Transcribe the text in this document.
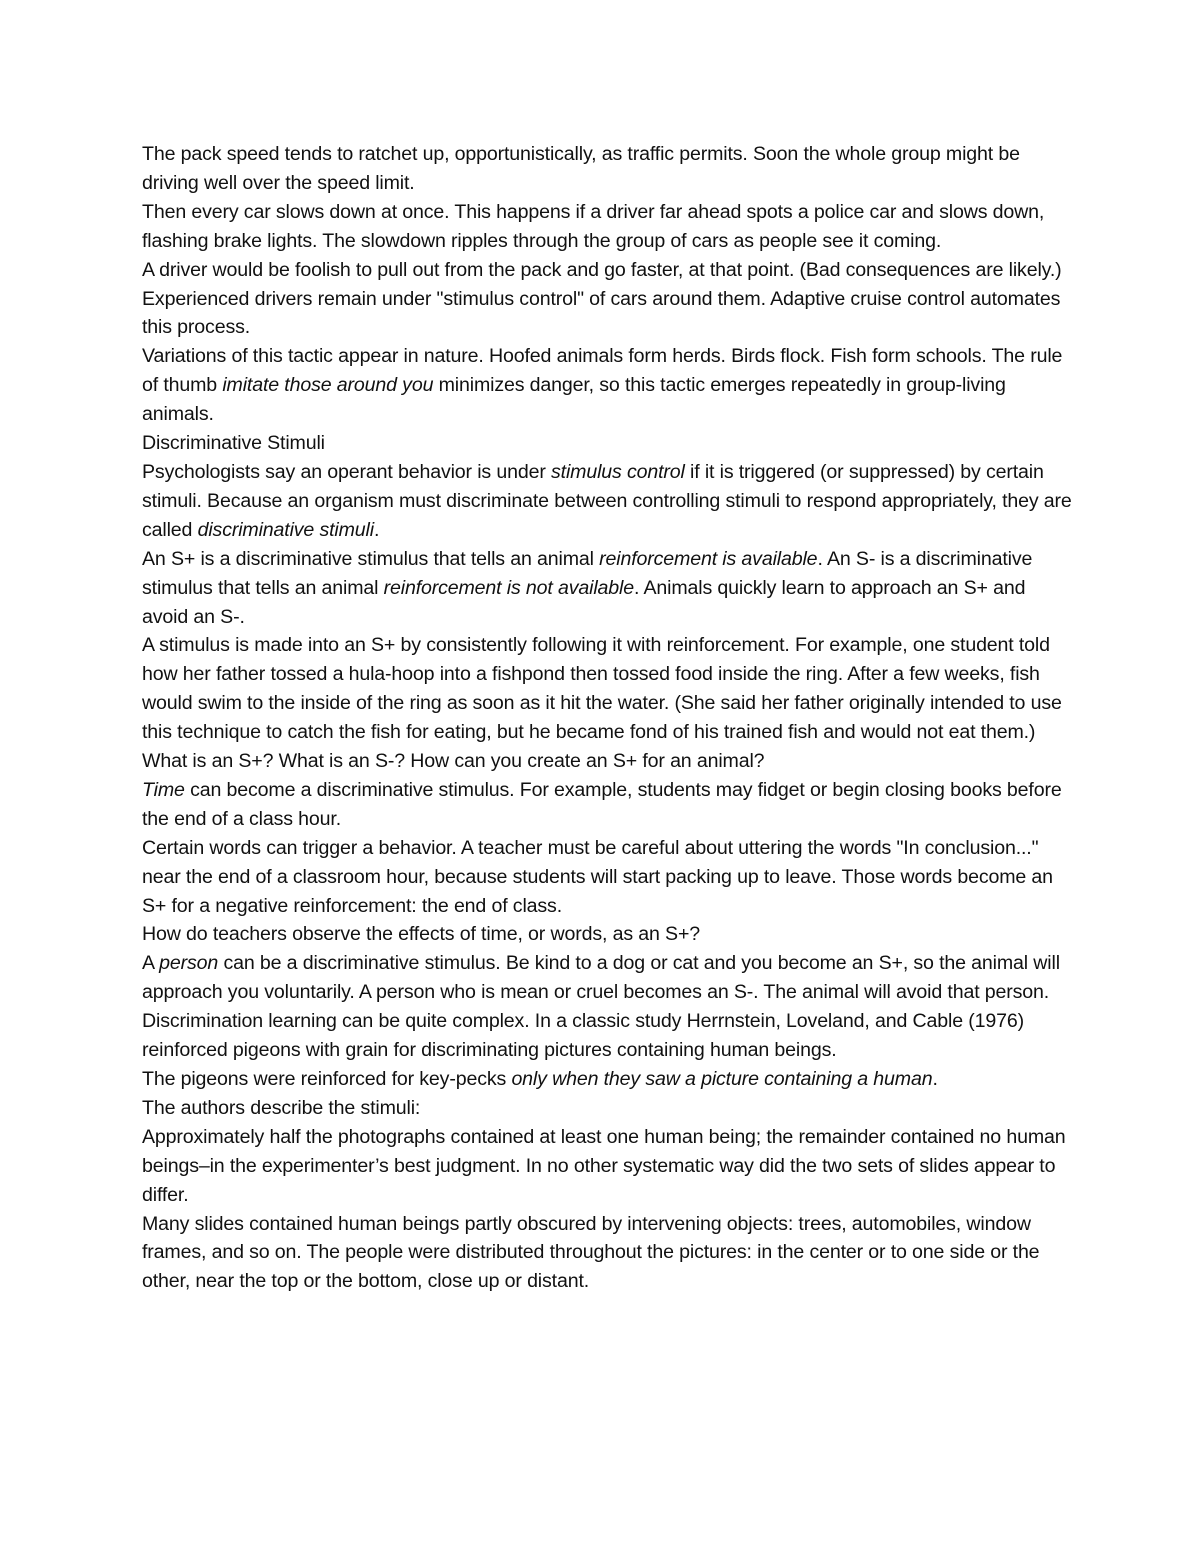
The pack speed tends to ratchet up, opportunistically, as traffic permits. Soon the whole group might be driving well over the speed limit.

Then every car slows down at once. This happens if a driver far ahead spots a police car and slows down, flashing brake lights. The slowdown ripples through the group of cars as people see it coming.

A driver would be foolish to pull out from the pack and go faster, at that point. (Bad consequences are likely.) Experienced drivers remain under "stimulus control" of cars around them. Adaptive cruise control automates this process.

Variations of this tactic appear in nature. Hoofed animals form herds. Birds flock. Fish form schools. The rule of thumb imitate those around you minimizes danger, so this tactic emerges repeatedly in group-living animals.

Discriminative Stimuli

Psychologists say an operant behavior is under stimulus control if it is triggered (or suppressed) by certain stimuli. Because an organism must discriminate between controlling stimuli to respond appropriately, they are called discriminative stimuli.

An S+ is a discriminative stimulus that tells an animal reinforcement is available. An S- is a discriminative stimulus that tells an animal reinforcement is not available. Animals quickly learn to approach an S+ and avoid an S-.

A stimulus is made into an S+ by consistently following it with reinforcement. For example, one student told how her father tossed a hula-hoop into a fishpond then tossed food inside the ring. After a few weeks, fish would swim to the inside of the ring as soon as it hit the water. (She said her father originally intended to use this technique to catch the fish for eating, but he became fond of his trained fish and would not eat them.)

What is an S+? What is an S-? How can you create an S+ for an animal?

Time can become a discriminative stimulus. For example, students may fidget or begin closing books before the end of a class hour.

Certain words can trigger a behavior. A teacher must be careful about uttering the words "In conclusion..." near the end of a classroom hour, because students will start packing up to leave. Those words become an S+ for a negative reinforcement: the end of class.

How do teachers observe the effects of time, or words, as an S+?

A person can be a discriminative stimulus. Be kind to a dog or cat and you become an S+, so the animal will approach you voluntarily. A person who is mean or cruel becomes an S-. The animal will avoid that person.

Discrimination learning can be quite complex. In a classic study Herrnstein, Loveland, and Cable (1976) reinforced pigeons with grain for discriminating pictures containing human beings.

The pigeons were reinforced for key-pecks only when they saw a picture containing a human.

The authors describe the stimuli:

Approximately half the photographs contained at least one human being; the remainder contained no human beings–in the experimenter’s best judgment. In no other systematic way did the two sets of slides appear to differ.

Many slides contained human beings partly obscured by intervening objects: trees, automobiles, window frames, and so on. The people were distributed throughout the pictures: in the center or to one side or the other, near the top or the bottom, close up or distant.
